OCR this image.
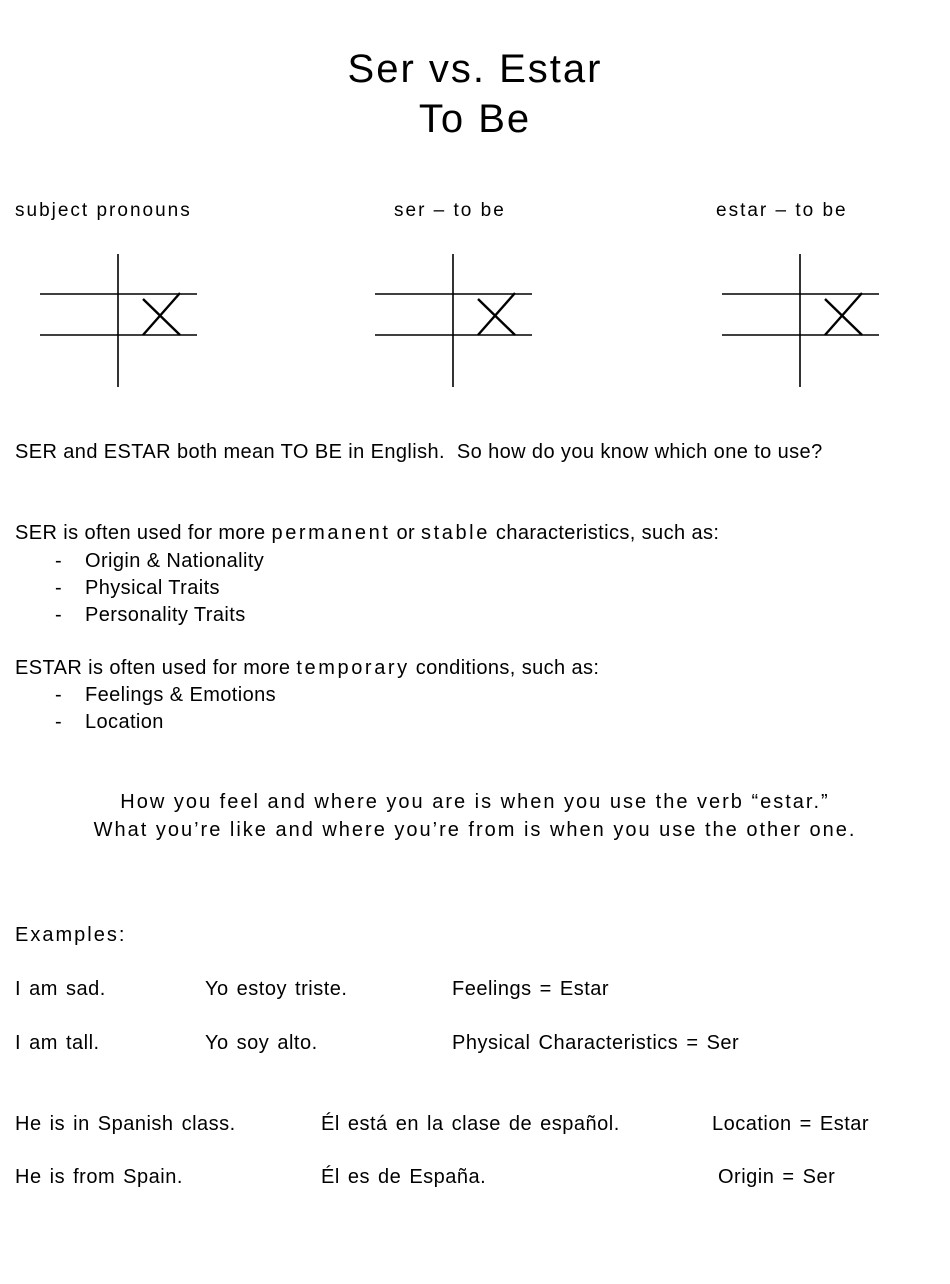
Ser vs. Estar
To Be
subject pronouns	ser – to be	estar – to be
SER and ESTAR both mean TO BE in English.  So how do you know which one to use?
SER is often used for more permanent or stable characteristics, such as:
- Origin & Nationality
- Physical Traits
- Personality Traits
ESTAR is often used for more temporary conditions, such as:
- Feelings & Emotions
- Location
How you feel and where you are is when you use the verb “estar.”
What you’re like and where you’re from is when you use the other one.
Examples:
I am sad.	Yo estoy triste.	Feelings = Estar
I am tall.	Yo soy alto.	Physical Characteristics = Ser
He is in Spanish class.	Él está en la clase de español.	Location = Estar
He is from Spain.	Él es de España.	Origin = Ser
